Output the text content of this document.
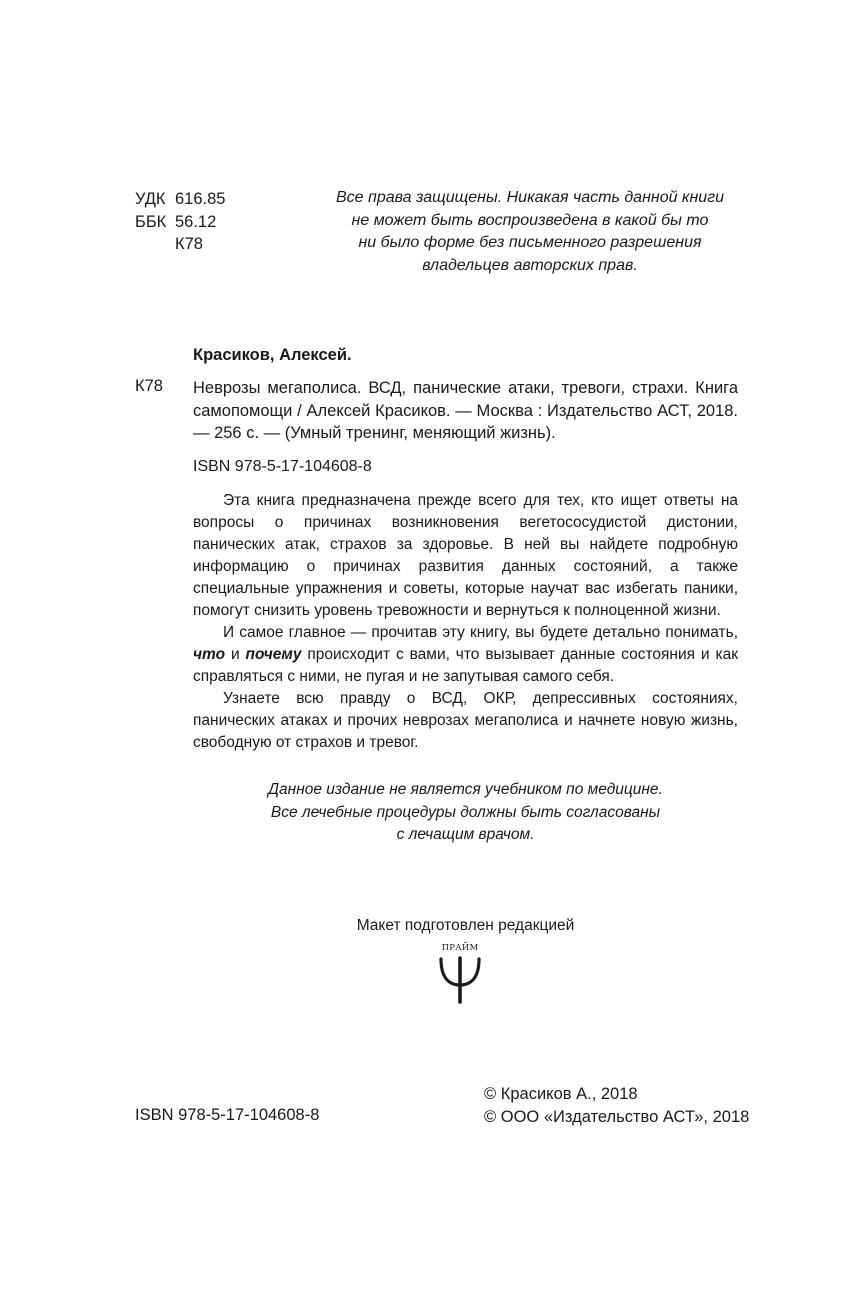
УДК 616.85
ББК 56.12
К78
Все права защищены. Никакая часть данной книги
не может быть воспроизведена в какой бы то
ни было форме без письменного разрешения
владельцев авторских прав.
Красиков, Алексей.
К78 Неврозы мегаполиса. ВСД, панические атаки, тревоги, страхи. Книга самопомощи / Алексей Красиков. — Москва : Издательство АСТ, 2018. — 256 с. — (Умный тренинг, меняющий жизнь).
ISBN 978-5-17-104608-8

Эта книга предназначена прежде всего для тех, кто ищет ответы на вопросы о причинах возникновения вегетососудистой дистонии, панических атак, страхов за здоровье. В ней вы найдете подробную информацию о причинах развития данных состояний, а также специальные упражнения и советы, которые научат вас избегать паники, помогут снизить уровень тревожности и вернуться к полноценной жизни.

И самое главное — прочитав эту книгу, вы будете детально понимать, что и почему происходит с вами, что вызывает данные состояния и как справляться с ними, не пугая и не запутывая самого себя.

Узнаете всю правду о ВСД, ОКР, депрессивных состояниях, панических атаках и прочих неврозах мегаполиса и начнете новую жизнь, свободную от страхов и тревог.

Данное издание не является учебником по медицине.
Все лечебные процедуры должны быть согласованы
с лечащим врачом.
Макет подготовлен редакцией
ПРАЙМ
ISBN 978-5-17-104608-8
© Красиков А., 2018
© ООО «Издательство АСТ», 2018
